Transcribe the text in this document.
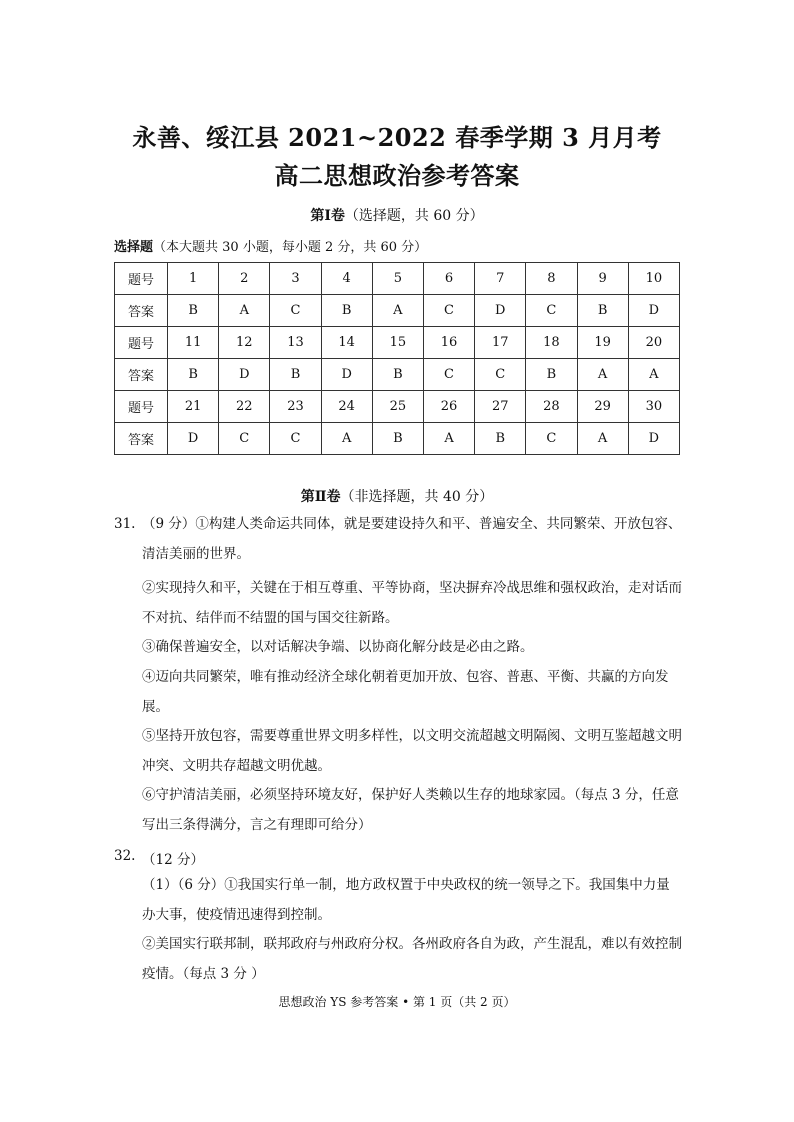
永善、绥江县 2021~2022 春季学期 3 月月考
高二思想政治参考答案
第Ⅰ卷（选择题，共 60 分）
选择题（本大题共 30 小题，每小题 2 分，共 60 分）
题号	1	2	3	4	5	6	7	8	9	10
答案	B	A	C	B	A	C	D	C	B	D
题号	11	12	13	14	15	16	17	18	19	20
答案	B	D	B	D	B	C	C	B	A	A
题号	21	22	23	24	25	26	27	28	29	30
答案	D	C	C	A	B	A	B	C	A	D
第Ⅱ卷（非选择题，共 40 分）
31. （9 分）①构建人类命运共同体，就是要建设持久和平、普遍安全、共同繁荣、开放包容、清洁美丽的世界。
②实现持久和平，关键在于相互尊重、平等协商，坚决摒弃冷战思维和强权政治，走对话而不对抗、结伴而不结盟的国与国交往新路。
③确保普遍安全，以对话解决争端、以协商化解分歧是必由之路。
④迈向共同繁荣，唯有推动经济全球化朝着更加开放、包容、普惠、平衡、共赢的方向发展。
⑤坚持开放包容，需要尊重世界文明多样性，以文明交流超越文明隔阂、文明互鉴超越文明冲突、文明共存超越文明优越。
⑥守护清洁美丽，必须坚持环境友好，保护好人类赖以生存的地球家园。（每点 3 分，任意写出三条得满分，言之有理即可给分）
32. （12 分）
（1）（6 分）①我国实行单一制，地方政权置于中央政权的统一领导之下。我国集中力量办大事，使疫情迅速得到控制。
②美国实行联邦制，联邦政府与州政府分权。各州政府各自为政，产生混乱，难以有效控制疫情。（每点 3 分 ）
思想政治 YS 参考答案 • 第 1 页（共 2 页）
